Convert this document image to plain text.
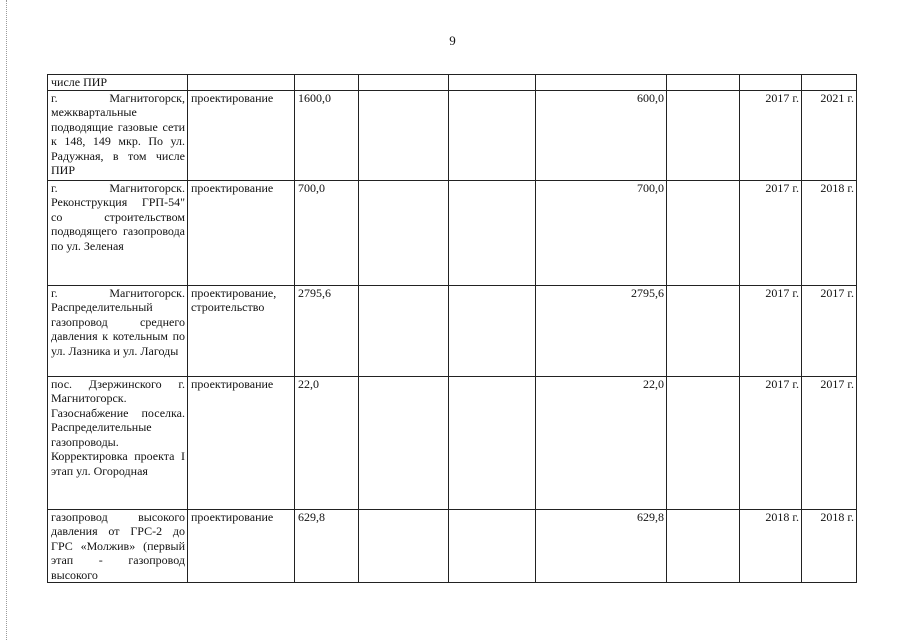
9
числе ПИР								
г. Магнитогорск, межквартальные подводящие газовые сети к 148, 149 мкр. По ул. Радужная, в том числе ПИР	проектирование	1600,0			600,0		2017 г.	2021 г.
г. Магнитогорск. Реконструкция ГРП-54" со строительством подводящего газопровода по ул. Зеленая	проектирование	700,0			700,0		2017 г.	2018 г.
г. Магнитогорск. Распределительный газопровод среднего давления к котельным по ул. Лазника и ул. Лагоды	проектирование, строительство	2795,6			2795,6		2017 г.	2017 г.
пос. Дзержинского г. Магнитогорск. Газоснабжение поселка. Распределительные газопроводы. Корректировка проекта I этап ул. Огородная	проектирование	22,0			22,0		2017 г.	2017 г.
газопровод высокого давления от ГРС-2 до ГРС «Молжив» (первый этап - газопровод высокого	проектирование	629,8			629,8		2018 г.	2018 г.
